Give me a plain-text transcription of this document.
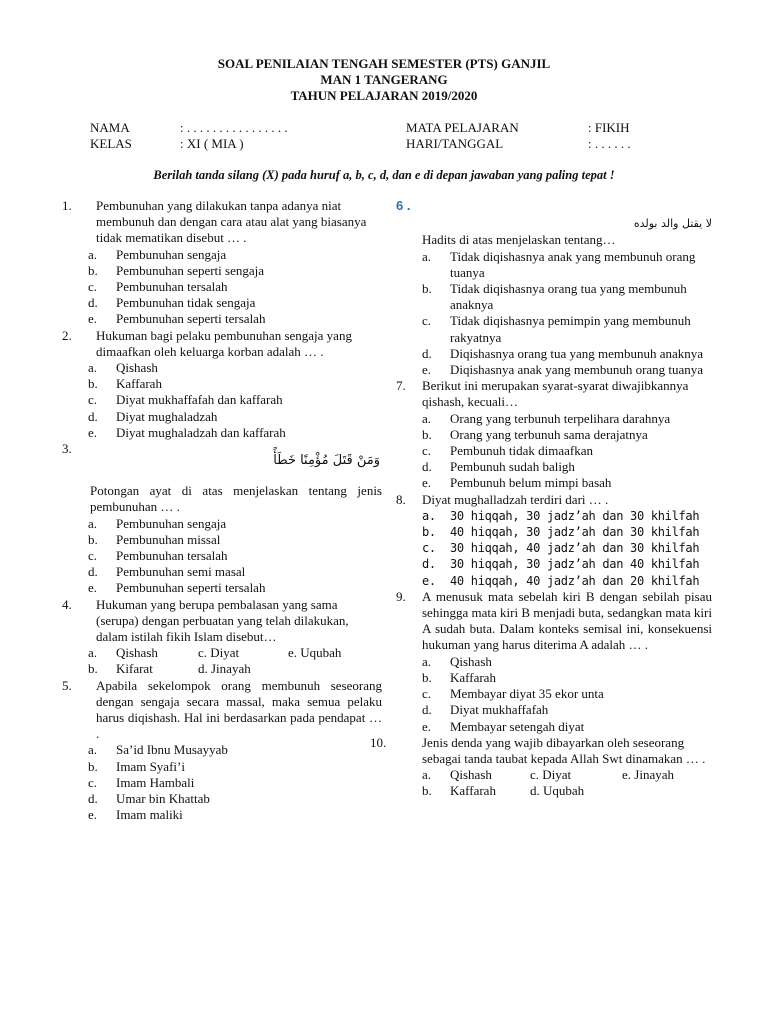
SOAL PENILAIAN TENGAH SEMESTER (PTS) GANJIL
MAN 1 TANGERANG
TAHUN PELAJARAN 2019/2020
NAMA	: . . . . . . . . . . . . . . . .
KELAS	: XI ( MIA )
MATA PELAJARAN	: FIKIH
HARI/TANGGAL	: . . . . . .
Berilah tanda silang (X) pada huruf a, b, c, d, dan e di depan jawaban yang paling tepat !
1. Pembunuhan yang dilakukan tanpa adanya niat membunuh dan dengan cara atau alat yang biasanya tidak mematikan disebut … .
a. Pembunuhan sengaja
b. Pembunuhan seperti sengaja
c. Pembunuhan tersalah
d. Pembunuhan tidak sengaja
e. Pembunuhan seperti tersalah
2. Hukuman bagi pelaku pembunuhan sengaja yang dimaafkan oleh keluarga korban adalah … .
a. Qishash
b. Kaffarah
c. Diyat mukhaffafah dan kaffarah
d. Diyat mughaladzah
e. Diyat mughaladzah dan kaffarah
3.
وَمَنْ قَتَلَ مُؤْمِنًا خَطَأً
Potongan ayat di atas menjelaskan tentang jenis pembunuhan … .
a. Pembunuhan sengaja
b. Pembunuhan missal
c. Pembunuhan tersalah
d. Pembunuhan semi masal
e. Pembunuhan seperti tersalah
4. Hukuman yang berupa pembalasan yang sama (serupa) dengan perbuatan yang telah dilakukan, dalam istilah fikih Islam disebut…
a. Qishash	c. Diyat	e. Uqubah
b. Kifarat	d. Jinayah
5. Apabila sekelompok orang membunuh seseorang dengan sengaja secara massal, maka semua pelaku harus diqishash. Hal ini berdasarkan pada pendapat … .
a. Sa’id Ibnu Musayyab
b. Imam Syafi’i
c. Imam Hambali
d. Umar bin Khattab
e. Imam maliki
6 .
لا يقتل والد بولده
Hadits di atas menjelaskan tentang…
a. Tidak diqishasnya anak yang membunuh orang tuanya
b. Tidak diqishasnya orang tua yang membunuh anaknya
c. Tidak diqishasnya pemimpin yang membunuh rakyatnya
d. Diqishasnya orang tua yang membunuh anaknya
e. Diqishasnya anak yang membunuh orang tuanya
7. Berikut ini merupakan syarat-syarat diwajibkannya qishash, kecuali…
a. Orang yang terbunuh terpelihara darahnya
b. Orang yang terbunuh sama derajatnya
c. Pembunuh tidak dimaafkan
d. Pembunuh sudah baligh
e. Pembunuh belum mimpi basah
8. Diyat mughalladzah terdiri dari … .
a. 30 hiqqah, 30 jadz’ah dan 30 khilfah
b. 40 hiqqah, 30 jadz’ah dan 30 khilfah
c. 30 hiqqah, 40 jadz’ah dan 30 khilfah
d. 30 hiqqah, 30 jadz’ah dan 40 khilfah
e. 40 hiqqah, 40 jadz’ah dan 20 khilfah
9. A menusuk mata sebelah kiri B dengan sebilah pisau sehingga mata kiri B menjadi buta, sedangkan mata kiri A sudah buta. Dalam konteks semisal ini, konsekuensi hukuman yang harus diterima A adalah … .
a. Qishash
b. Kaffarah
c. Membayar diyat 35 ekor unta
d. Diyat mukhaffafah
e. Membayar setengah diyat
10.	Jenis denda yang wajib dibayarkan oleh seseorang sebagai tanda taubat kepada Allah Swt dinamakan … .
a. Qishash	c. Diyat	e. Jinayah
b. Kaffarah	d. Uqubah
